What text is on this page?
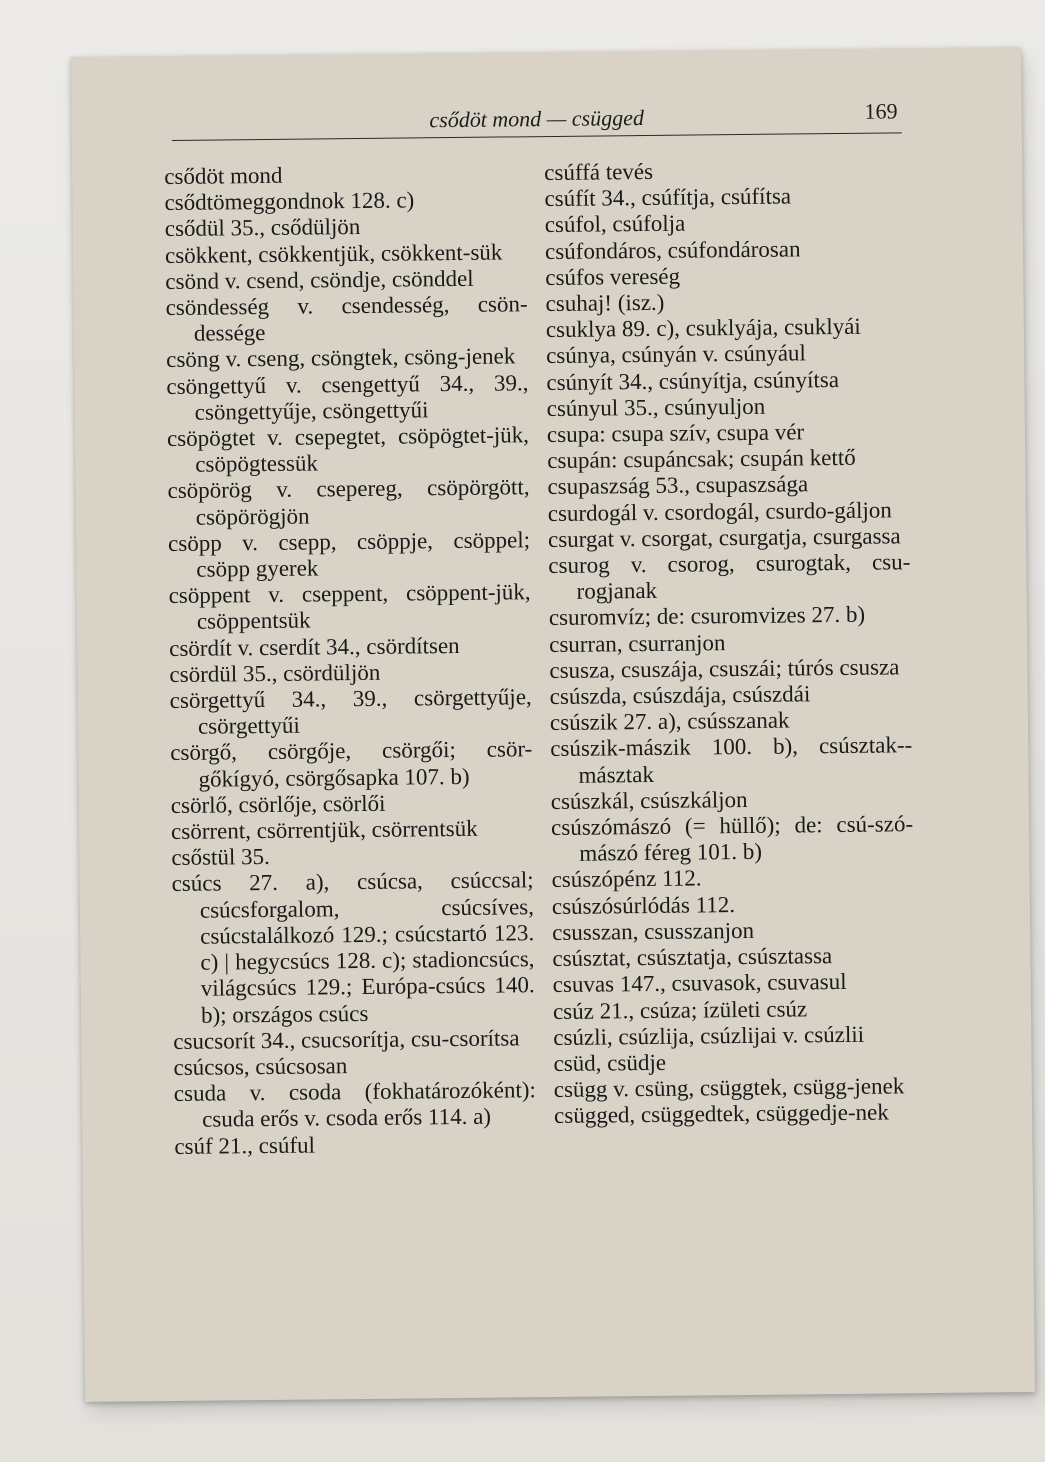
csődöt mond — csügged	169

csődöt mond

csődtömeggondnok 128. c)

csődül 35., csődüljön

csökkent, csökkentjük, csökkent-sük

csönd v. csend, csöndje, csönddel

csöndesség v. csendesség, csön-dessége

csöng v. cseng, csöngtek, csöng-jenek

csöngettyű v. csengettyű 34., 39., csöngettyűje, csöngettyűi

csöpögtet v. csepegtet, csöpögtet-jük, csöpögtessük

csöpörög v. csepereg, csöpörgött, csöpörögjön

csöpp v. csepp, csöppje, csöppel; csöpp gyerek

csöppent v. cseppent, csöppent-jük, csöppentsük

csördít v. cserdít 34., csördítsen

csördül 35., csördüljön

csörgettyű 34., 39., csörgettyűje, csörgettyűi

csörgő, csörgője, csörgői; csör-gőkígyó, csörgősapka 107. b)

csörlő, csörlője, csörlői

csörrent, csörrentjük, csörrentsük

csőstül 35.

csúcs 27. a), csúcsa, csúccsal; csúcsforgalom, csúcsíves, csúcstalálkozó 129.; csúcstartó 123. c) | hegycsúcs 128. c); stadioncsúcs, világcsúcs 129.; Európa-csúcs 140. b); országos csúcs

csucsorít 34., csucsorítja, csu-csorítsa

csúcsos, csúcsosan

csuda v. csoda (fokhatározóként): csuda erős v. csoda erős 114. a)

csúf 21., csúful

csúffá tevés

csúfít 34., csúfítja, csúfítsa

csúfol, csúfolja

csúfondáros, csúfondárosan

csúfos vereség

csuhaj! (isz.)

csuklya 89. c), csuklyája, csuklyái

csúnya, csúnyán v. csúnyául

csúnyít 34., csúnyítja, csúnyítsa

csúnyul 35., csúnyuljon

csupa: csupa szív, csupa vér

csupán: csupáncsak; csupán kettő

csupaszság 53., csupaszsága

csurdogál v. csordogál, csurdo-gáljon

csurgat v. csorgat, csurgatja, csurgassa

csurog v. csorog, csurogtak, csu-rogjanak

csuromvíz; de: csuromvizes 27. b)

csurran, csurranjon

csusza, csuszája, csuszái; túrós csusza

csúszda, csúszdája, csúszdái

csúszik 27. a), csússzanak

csúszik-mászik 100. b), csúsztak--másztak

csúszkál, csúszkáljon

csúszómászó (= hüllő); de: csú-szó-mászó féreg 101. b)

csúszópénz 112.

csúszósúrlódás 112.

csusszan, csusszanjon

csúsztat, csúsztatja, csúsztassa

csuvas 147., csuvasok, csuvasul

csúz 21., csúza; ízületi csúz

csúzli, csúzlija, csúzlijai v. csúzlii

csüd, csüdje

csügg v. csüng, csüggtek, csügg-jenek

csügged, csüggedtek, csüggedje-nek
